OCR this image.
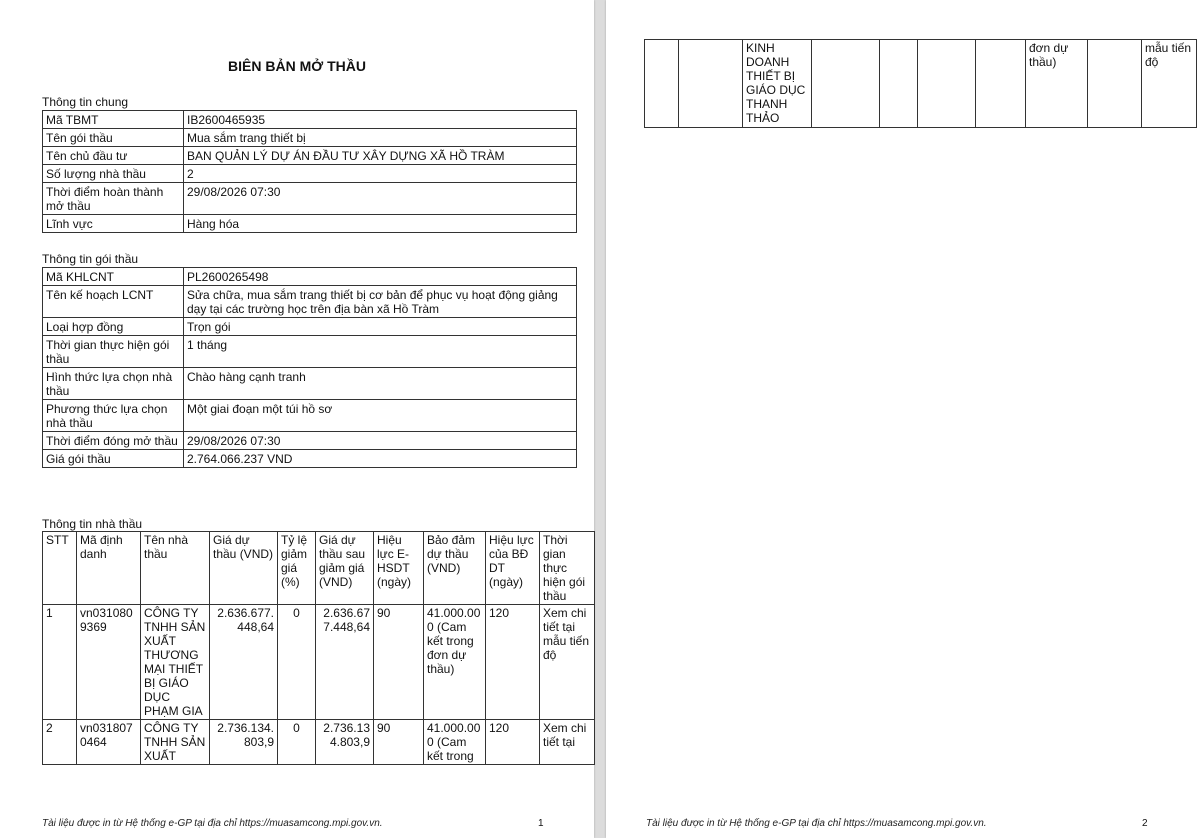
BIÊN BẢN MỞ THẦU
Thông tin chung
Mã TBMT	IB2600465935
Tên gói thầu	Mua sắm trang thiết bị
Tên chủ đầu tư	BAN QUẢN LÝ DỰ ÁN ĐẦU TƯ XÂY DỰNG XÃ HỒ TRÀM
Số lượng nhà thầu	2
Thời điểm hoàn thành mở thầu	29/08/2026 07:30
Lĩnh vực	Hàng hóa
Thông tin gói thầu
Mã KHLCNT	PL2600265498
Tên kế hoạch LCNT	Sửa chữa, mua sắm trang thiết bị cơ bản để phục vụ hoạt động giảng dạy tại các trường học trên địa bàn xã Hồ Tràm
Loại hợp đồng	Trọn gói
Thời gian thực hiện gói thầu	1 tháng
Hình thức lựa chọn nhà thầu	Chào hàng cạnh tranh
Phương thức lựa chọn nhà thầu	Một giai đoạn một túi hồ sơ
Thời điểm đóng mở thầu	29/08/2026 07:30
Giá gói thầu	2.764.066.237 VND
Thông tin nhà thầu
STT	Mã định danh	Tên nhà thầu	Giá dự thầu (VND)	Tỷ lệ giảm giá (%)	Giá dự thầu sau giảm giá (VND)	Hiệu lực E-HSDT (ngày)	Bảo đảm dự thầu (VND)	Hiệu lực của BĐ DT (ngày)	Thời gian thực hiện gói thầu
1	vn0310809369	CÔNG TY TNHH SẢN XUẤT THƯƠNG MẠI THIẾT BỊ GIÁO DỤC PHẠM GIA	2.636.677.448,64	0	2.636.677.448,64	90	41.000.000 (Cam kết trong đơn dự thầu)	120	Xem chi tiết tại mẫu tiến độ
2	vn0318070464	CÔNG TY TNHH SẢN XUẤT	2.736.134.803,9	0	2.736.134.803,9	90	41.000.000 (Cam kết trong	120	Xem chi tiết tại
Tài liệu được in từ Hệ thống e-GP tại địa chỉ https://muasamcong.mpi.gov.vn.	1
		KINH DOANH THIẾT BỊ GIÁO DỤC THANH THẢO					đơn dự thầu)		mẫu tiến độ
Tài liệu được in từ Hệ thống e-GP tại địa chỉ https://muasamcong.mpi.gov.vn.	2
